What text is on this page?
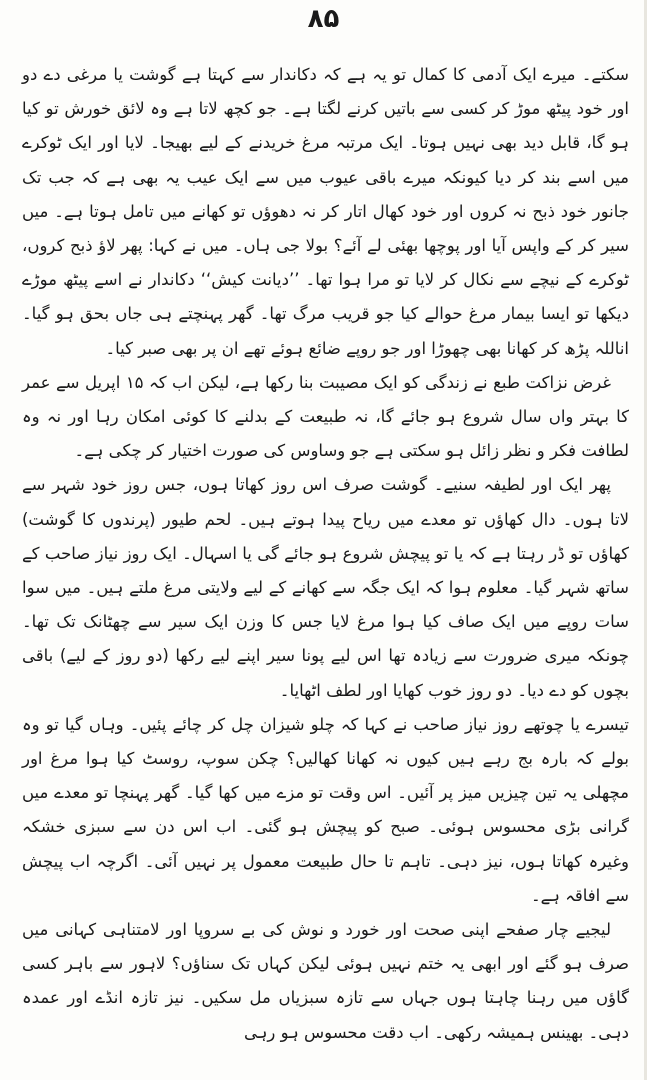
۸۵

سکتے۔ میرے ایک آدمی کا کمال تو یہ ہے کہ دکاندار سے کہتا ہے گوشت یا مرغی دے دو اور خود پیٹھ موڑ کر کسی سے باتیں کرنے لگتا ہے۔ جو کچھ لاتا ہے وہ لائق خورش تو کیا ہو گا، قابل دید بھی نہیں ہوتا۔ ایک مرتبہ مرغ خریدنے کے لیے بھیجا۔ لایا اور ایک ٹوکرے میں اسے بند کر دیا کیونکہ میرے باقی عیوب میں سے ایک عیب یہ بھی ہے کہ جب تک جانور خود ذبح نہ کروں اور خود کھال اتار کر نہ دھوؤں تو کھانے میں تامل ہوتا ہے۔ میں سیر کر کے واپس آیا اور پوچھا بھئی لے آئے؟ بولا جی ہاں۔ میں نے کہا: پھر لاؤ ذبح کروں، ٹوکرے کے نیچے سے نکال کر لایا تو مرا ہوا تھا۔ ’’دیانت کیش‘‘ دکاندار نے اسے پیٹھ موڑے دیکھا تو ایسا بیمار مرغ حوالے کیا جو قریب مرگ تھا۔ گھر پہنچتے ہی جاں بحق ہو گیا۔ اناللہ پڑھ کر کھانا بھی چھوڑا اور جو روپے ضائع ہوئے تھے ان پر بھی صبر کیا۔

غرض نزاکت طبع نے زندگی کو ایک مصیبت بنا رکھا ہے، لیکن اب کہ ۱۵ اپریل سے عمر کا بہتر واں سال شروع ہو جائے گا، نہ طبیعت کے بدلنے کا کوئی امکان رہا اور نہ وہ لطافت فکر و نظر زائل ہو سکتی ہے جو وساوس کی صورت اختیار کر چکی ہے۔

پھر ایک اور لطیفہ سنیے۔ گوشت صرف اس روز کھاتا ہوں، جس روز خود شہر سے لاتا ہوں۔ دال کھاؤں تو معدے میں ریاح پیدا ہوتے ہیں۔ لحم طیور (پرندوں کا گوشت) کھاؤں تو ڈر رہتا ہے کہ یا تو پیچش شروع ہو جائے گی یا اسہال۔ ایک روز نیاز صاحب کے ساتھ شہر گیا۔ معلوم ہوا کہ ایک جگہ سے کھانے کے لیے ولایتی مرغ ملتے ہیں۔ میں سوا سات روپے میں ایک صاف کیا ہوا مرغ لایا جس کا وزن ایک سیر سے چھٹانک تک تھا۔ چونکہ میری ضرورت سے زیادہ تھا اس لیے پونا سیر اپنے لیے رکھا (دو روز کے لیے) باقی بچوں کو دے دیا۔ دو روز خوب کھایا اور لطف اٹھایا۔

تیسرے یا چوتھے روز نیاز صاحب نے کہا کہ چلو شیزان چل کر چائے پئیں۔ وہاں گیا تو وہ بولے کہ بارہ بج رہے ہیں کیوں نہ کھانا کھالیں؟ چکن سوپ، روسٹ کیا ہوا مرغ اور مچھلی یہ تین چیزیں میز پر آئیں۔ اس وقت تو مزے میں کھا گیا۔ گھر پہنچا تو معدے میں گرانی بڑی محسوس ہوئی۔ صبح کو پیچش ہو گئی۔ اب اس دن سے سبزی خشکہ وغیرہ کھاتا ہوں، نیز دہی۔ تاہم تا حال طبیعت معمول پر نہیں آئی۔ اگرچہ اب پیچش سے افاقہ ہے۔

لیجیے چار صفحے اپنی صحت اور خورد و نوش کی بے سروپا اور لامتناہی کہانی میں صرف ہو گئے اور ابھی یہ ختم نہیں ہوئی لیکن کہاں تک سناؤں؟ لاہور سے باہر کسی گاؤں میں رہنا چاہتا ہوں جہاں سے تازہ سبزیاں مل سکیں۔ نیز تازہ انڈے اور عمدہ دہی۔ بھینس ہمیشہ رکھی۔ اب دقت محسوس ہو رہی
